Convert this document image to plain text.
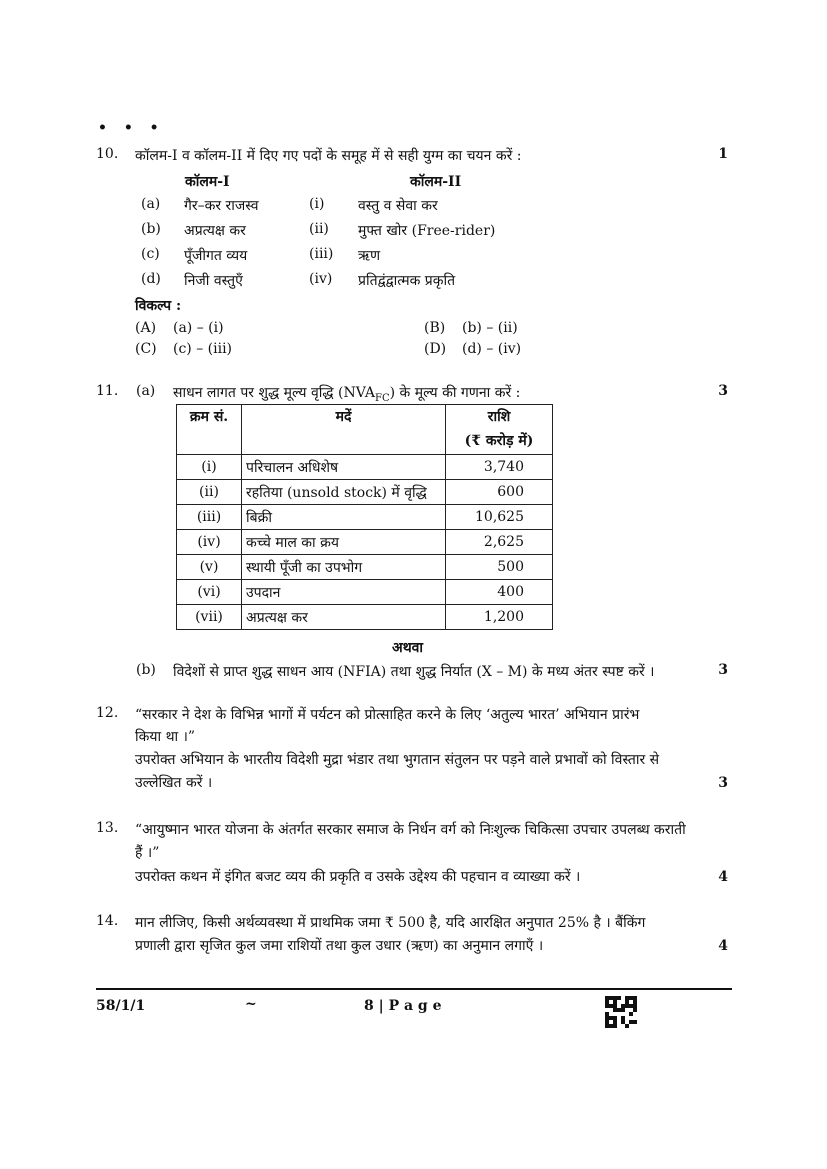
• • •
10. कॉलम-I व कॉलम-II में दिए गए पदों के समूह में से सही युग्म का चयन करें :	1
कॉलम-I	कॉलम-II
(a) गैर–कर राजस्व	(i) वस्तु व सेवा कर
(b) अप्रत्यक्ष कर	(ii) मुफ्त खोर (Free-rider)
(c) पूँजीगत व्यय	(iii) ऋण
(d) निजी वस्तुएँ	(iv) प्रतिद्वंद्वात्मक प्रकृति
विकल्प :
(A) (a) – (i)	(B) (b) – (ii)
(C) (c) – (iii)	(D) (d) – (iv)
11. (a) साधन लागत पर शुद्ध मूल्य वृद्धि $(NVA_{FC})$ के मूल्य की गणना करें :	3
क्रम सं.	मदें	राशि
(₹ करोड़ में)

(i)	परिचालन अधिशेष	3,740
(ii)	रहतिया (unsold stock) में वृद्धि	600
(iii)	बिक्री	10,625
(iv)	कच्चे माल का क्रय	2,625
(v)	स्थायी पूँजी का उपभोग	500
(vi)	उपदान	400
(vii)	अप्रत्यक्ष कर	1,200
अथवा
(b) विदेशों से प्राप्त शुद्ध साधन आय (NFIA) तथा शुद्ध निर्यात (X – M) के मध्य अंतर स्पष्ट करें ।	3
12. “सरकार ने देश के विभिन्न भागों में पर्यटन को प्रोत्साहित करने के लिए ‘अतुल्य भारत’ अभियान प्रारंभ
किया था ।”
उपरोक्त अभियान के भारतीय विदेशी मुद्रा भंडार तथा भुगतान संतुलन पर पड़ने वाले प्रभावों को विस्तार से
उल्लेखित करें ।	3
13. “आयुष्मान भारत योजना के अंतर्गत सरकार समाज के निर्धन वर्ग को निःशुल्क चिकित्सा उपचार उपलब्ध कराती
हैं ।”
उपरोक्त कथन में इंगित बजट व्यय की प्रकृति व उसके उद्देश्य की पहचान व व्याख्या करें ।	4
14. मान लीजिए, किसी अर्थव्यवस्था में प्राथमिक जमा ₹ 500 है, यदि आरक्षित अनुपात 25% है । बैंकिंग
प्रणाली द्वारा सृजित कुल जमा राशियों तथा कुल उधार (ऋण) का अनुमान लगाएँ ।	4
58/1/1	~	8 | P a g e
